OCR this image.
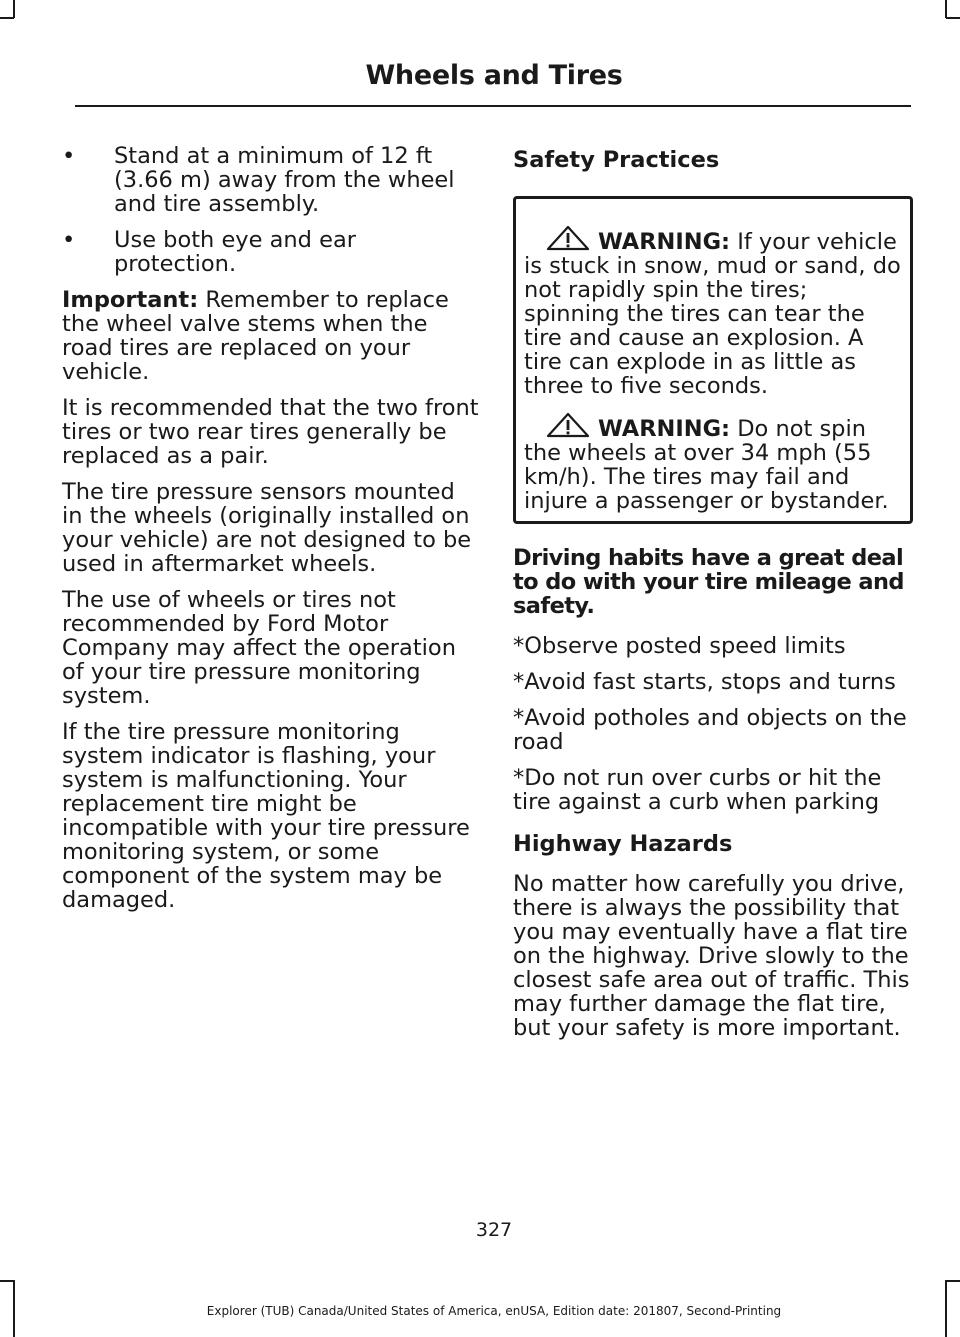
Wheels and Tires
• Stand at a minimum of 12 ft (3.66 m) away from the wheel and tire assembly.
• Use both eye and ear protection.

Important: Remember to replace the wheel valve stems when the road tires are replaced on your vehicle.

It is recommended that the two front tires or two rear tires generally be replaced as a pair.

The tire pressure sensors mounted in the wheels (originally installed on your vehicle) are not designed to be used in aftermarket wheels.

The use of wheels or tires not recommended by Ford Motor Company may affect the operation of your tire pressure monitoring system.

If the tire pressure monitoring system indicator is flashing, your system is malfunctioning. Your replacement tire might be incompatible with your tire pressure monitoring system, or some component of the system may be damaged.

Safety Practices
WARNING: If your vehicle is stuck in snow, mud or sand, do not rapidly spin the tires; spinning the tires can tear the tire and cause an explosion. A tire can explode in as little as three to five seconds.
WARNING: Do not spin the wheels at over 34 mph (55 km/h). The tires may fail and injure a passenger or bystander.
Driving habits have a great deal to do with your tire mileage and safety.

*Observe posted speed limits

*Avoid fast starts, stops and turns

*Avoid potholes and objects on the road

*Do not run over curbs or hit the tire against a curb when parking

Highway Hazards

No matter how carefully you drive, there is always the possibility that you may eventually have a flat tire on the highway. Drive slowly to the closest safe area out of traffic. This may further damage the flat tire, but your safety is more important.

327
Explorer (TUB) Canada/United States of America, enUSA, Edition date: 201807, Second-Printing
